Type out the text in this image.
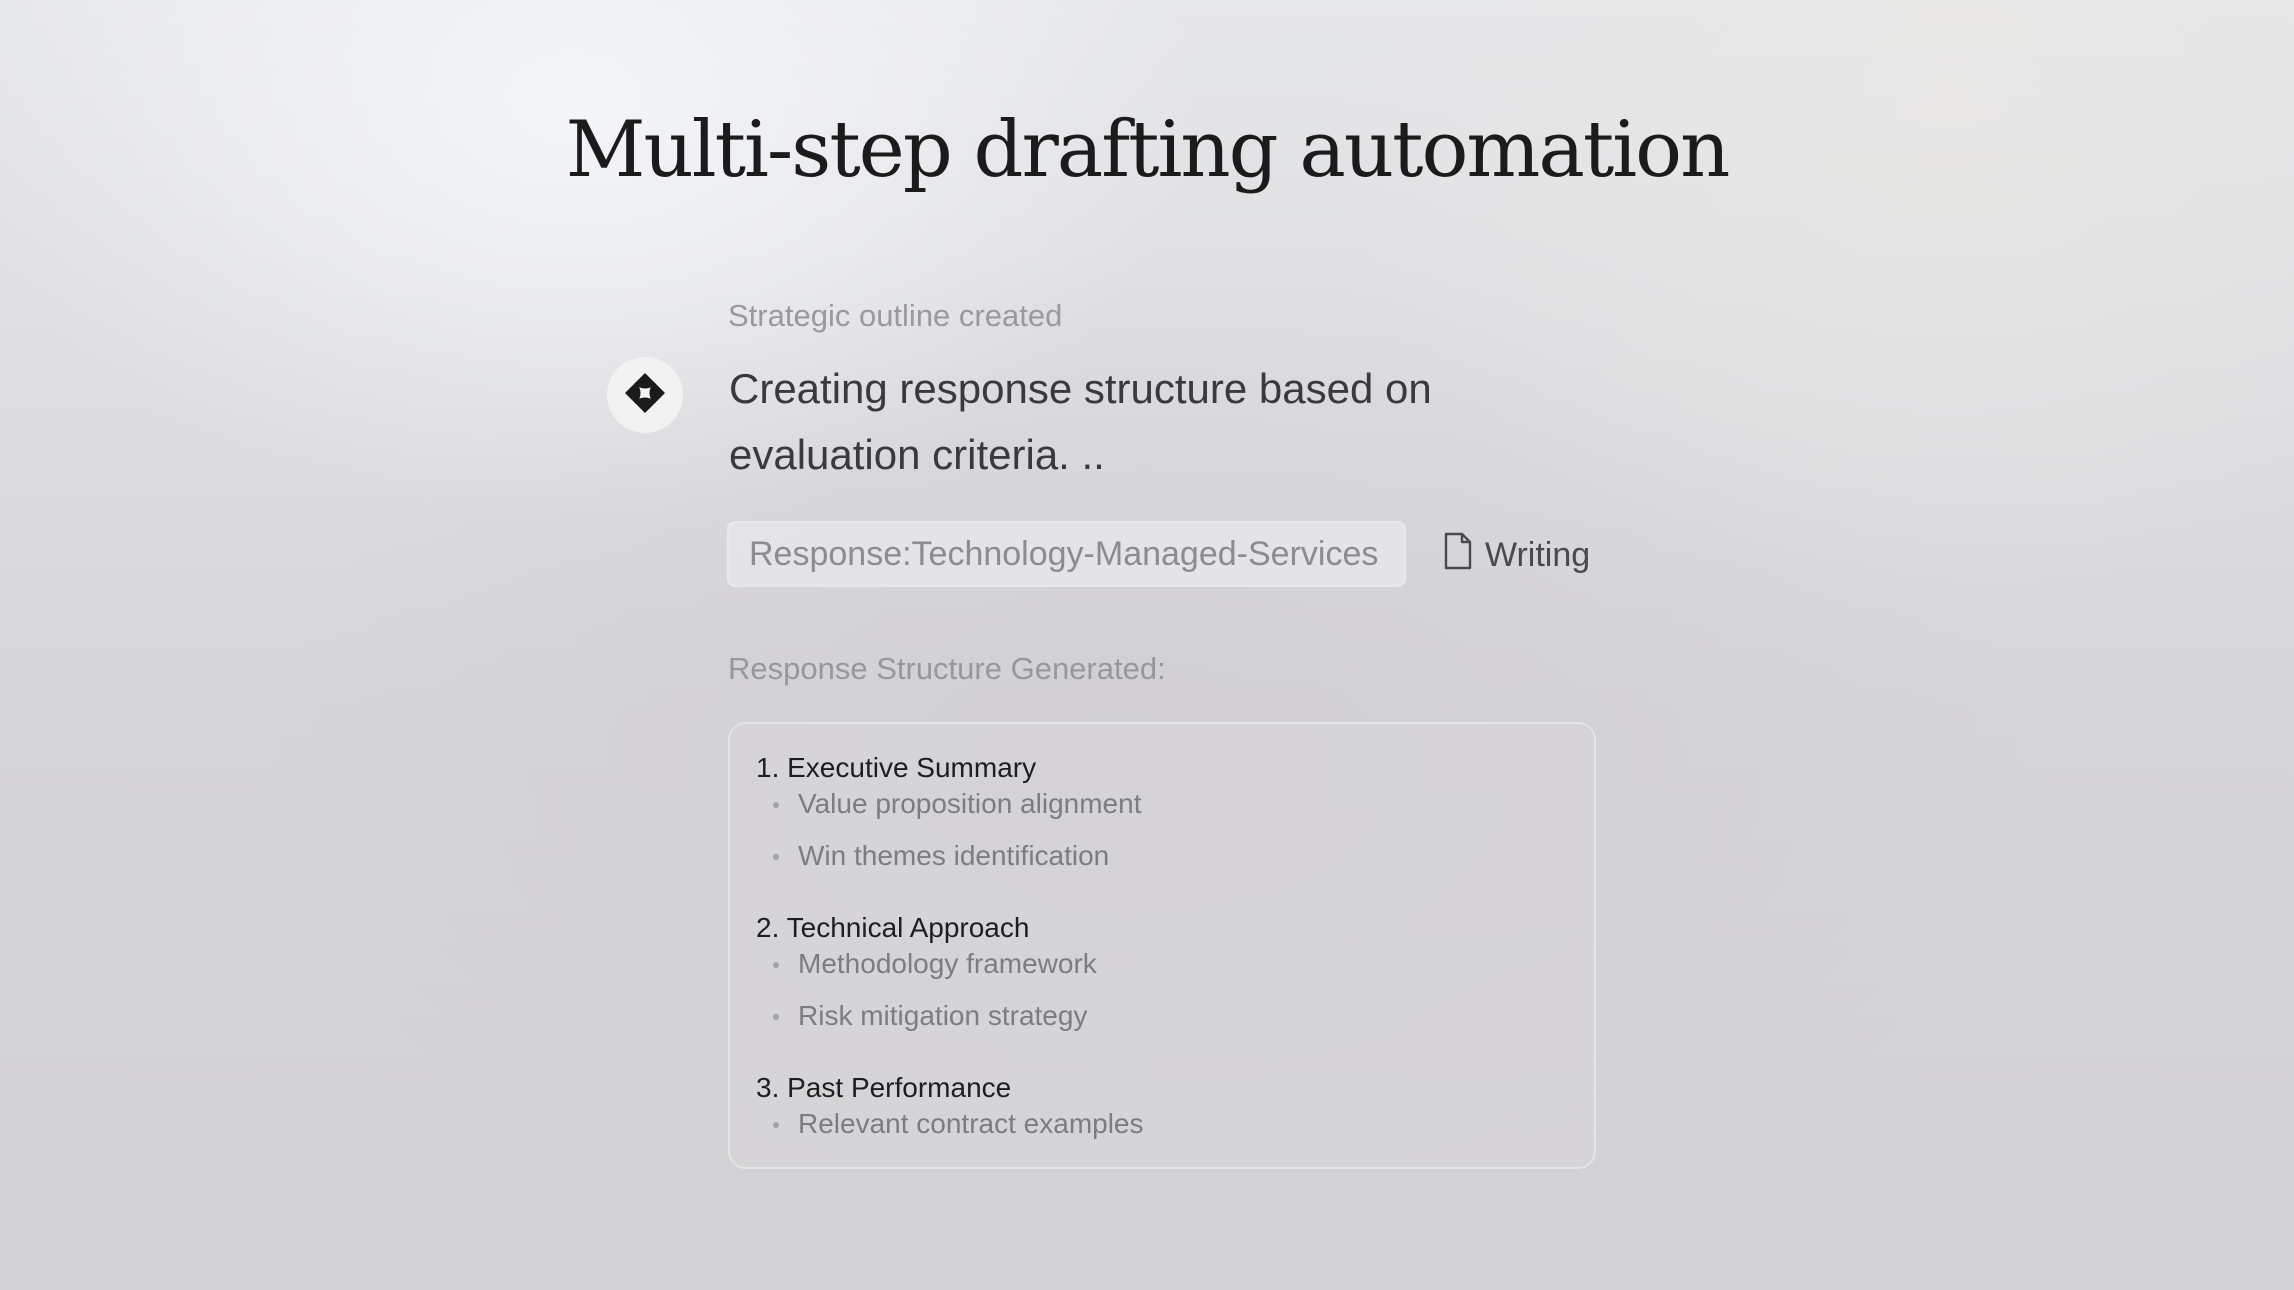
Multi-step drafting automation
Strategic outline created

Creating response structure based on evaluation criteria. ..

Response:Technology-Managed-Services	Writing
Response Structure Generated:

1. Executive Summary

Value proposition alignment
Win themes identification

2. Technical Approach

Methodology framework
Risk mitigation strategy

3. Past Performance

Relevant contract examples
